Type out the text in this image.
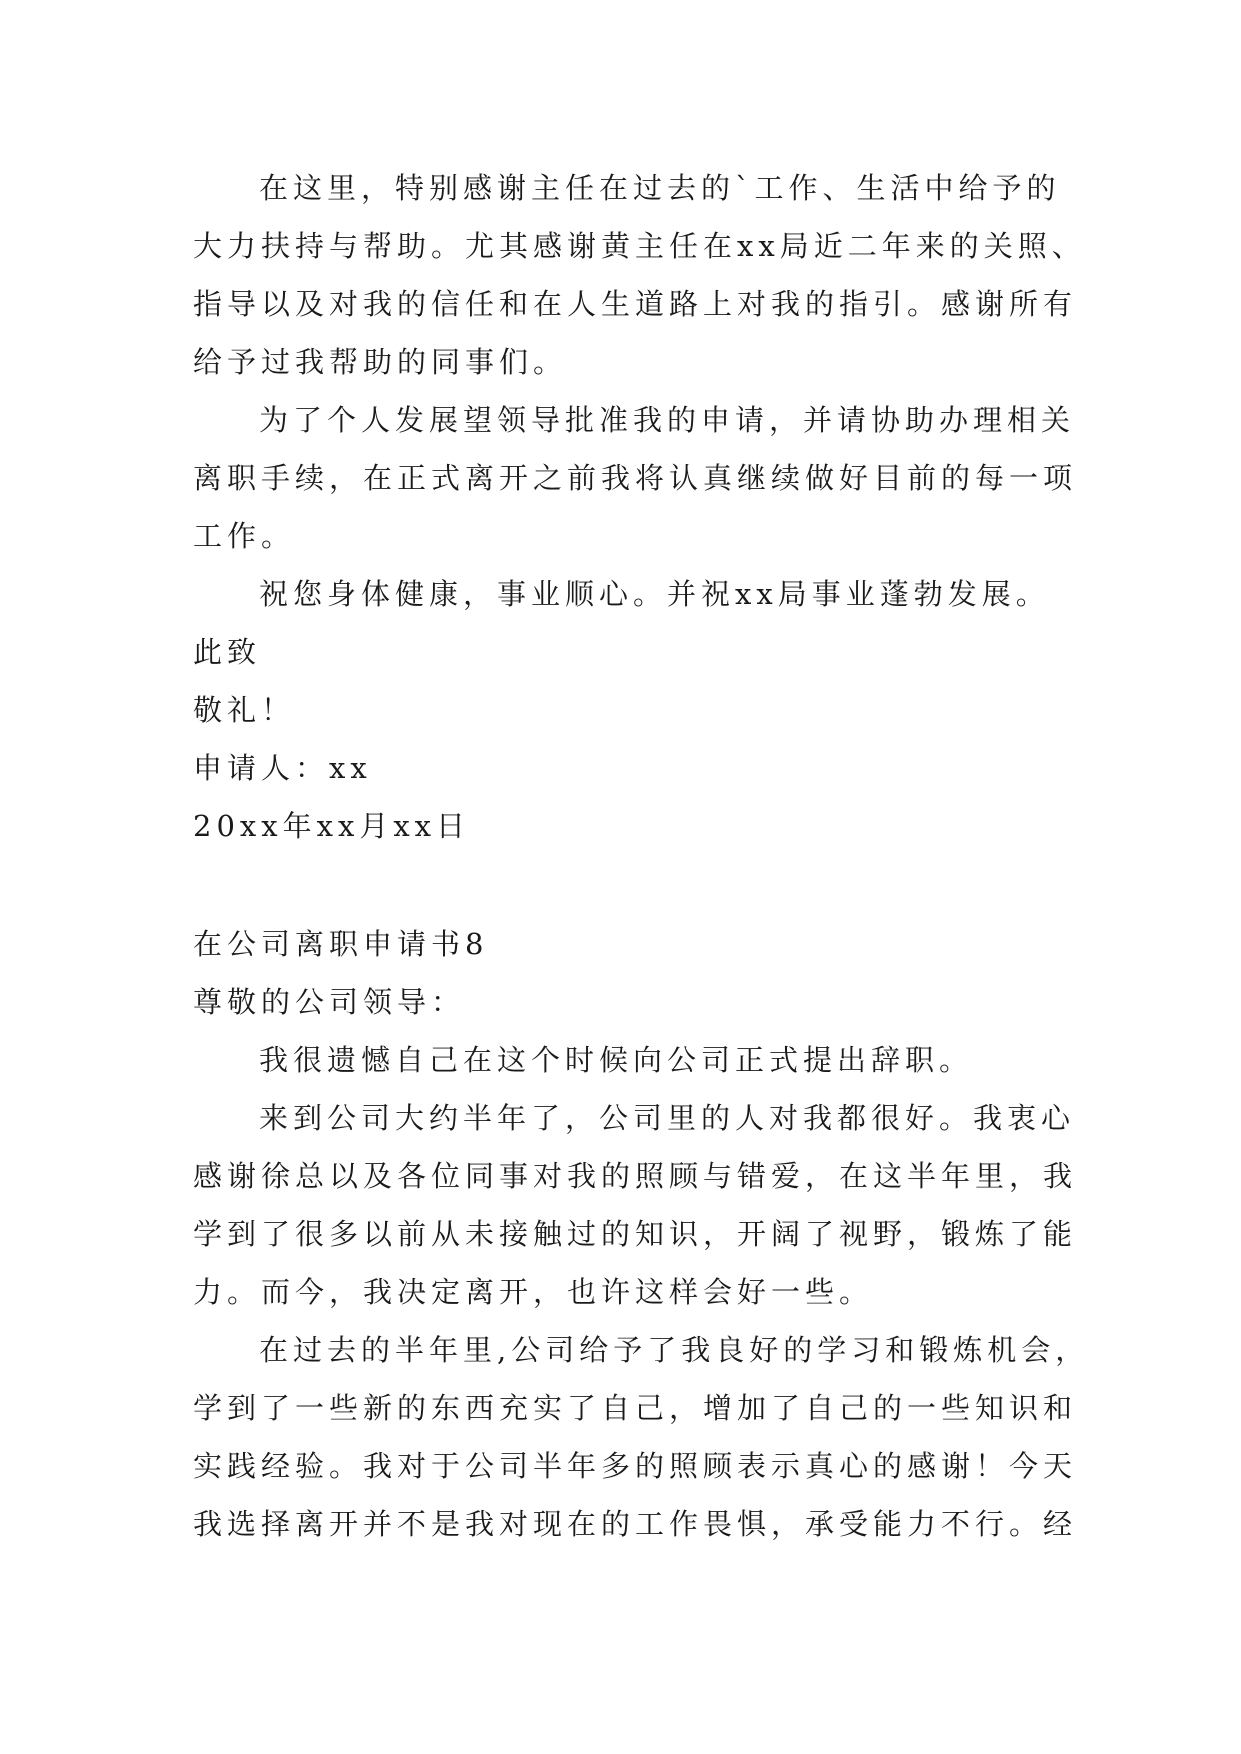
在这里，特别感谢主任在过去的`工作、生活中给予的
大力扶持与帮助。尤其感谢黄主任在xx局近二年来的关照、
指导以及对我的信任和在人生道路上对我的指引。感谢所有
给予过我帮助的同事们。
为了个人发展望领导批准我的申请，并请协助办理相关
离职手续，在正式离开之前我将认真继续做好目前的每一项
工作。
祝您身体健康，事业顺心。并祝xx局事业蓬勃发展。
此致
敬礼！
申请人：xx
20xx年xx月xx日
在公司离职申请书8
尊敬的公司领导：
我很遗憾自己在这个时候向公司正式提出辞职。
来到公司大约半年了，公司里的人对我都很好。我衷心
感谢徐总以及各位同事对我的照顾与错爱，在这半年里，我
学到了很多以前从未接触过的知识，开阔了视野，锻炼了能
力。而今，我决定离开，也许这样会好一些。
在过去的半年里,公司给予了我良好的学习和锻炼机会，
学到了一些新的东西充实了自己，增加了自己的一些知识和
实践经验。我对于公司半年多的照顾表示真心的感谢！今天
我选择离开并不是我对现在的工作畏惧，承受能力不行。经
